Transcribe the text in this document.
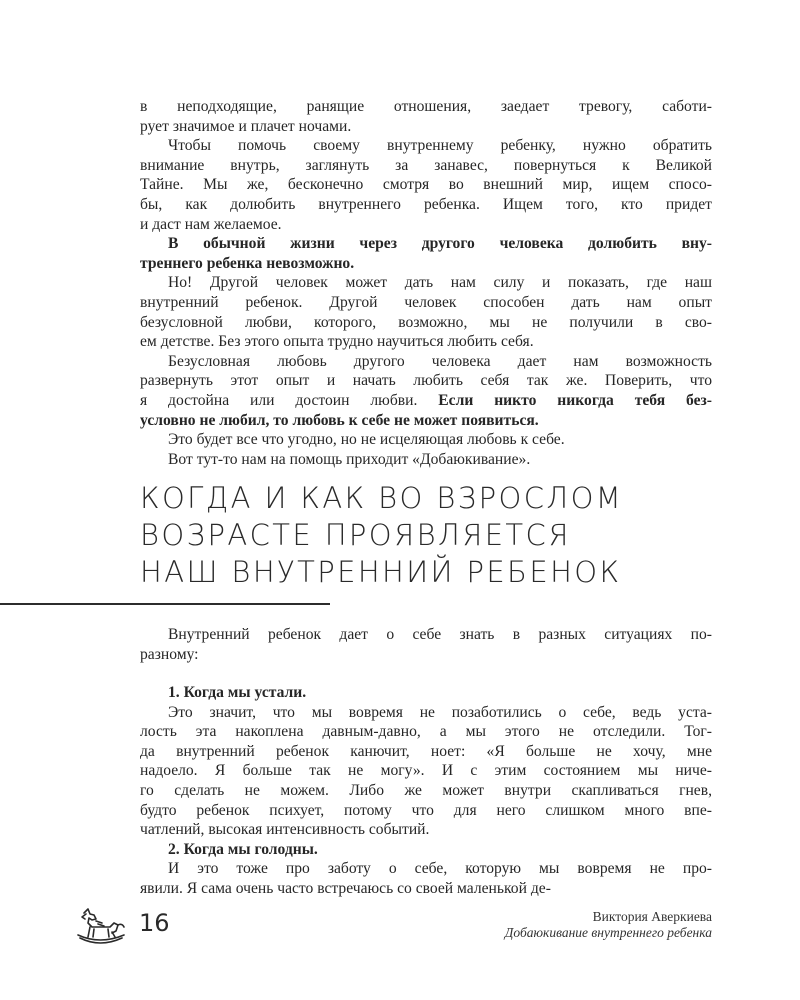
в неподходящие, ранящие отношения, заедает тревогу, саботи-
рует значимое и плачет ночами.

Чтобы помочь своему внутреннему ребенку, нужно обратить
внимание внутрь, заглянуть за занавес, повернуться к Великой
Тайне. Мы же, бесконечно смотря во внешний мир, ищем спосо-
бы, как долюбить внутреннего ребенка. Ищем того, кто придет
и даст нам желаемое.

В обычной жизни через другого человека долюбить вну-
треннего ребенка невозможно.

Но! Другой человек может дать нам силу и показать, где наш
внутренний ребенок. Другой человек способен дать нам опыт
безусловной любви, которого, возможно, мы не получили в сво-
ем детстве. Без этого опыта трудно научиться любить себя.

Безусловная любовь другого человека дает нам возможность
развернуть этот опыт и начать любить себя так же. Поверить, что
я достойна или достоин любви. Если никто никогда тебя без-
условно не любил, то любовь к себе не может появиться.

Это будет все что угодно, но не исцеляющая любовь к себе.

Вот тут-то нам на помощь приходит «Добаюкивание».

КОГДА И КАК ВО ВЗРОСЛОМ
ВОЗРАСТЕ ПРОЯВЛЯЕТСЯ
НАШ ВНУТРЕННИЙ РЕБЕНОК

Внутренний ребенок дает о себе знать в разных ситуациях по-
разному:

1. Когда мы устали.

Это значит, что мы вовремя не позаботились о себе, ведь уста-
лость эта накоплена давным-давно, а мы этого не отследили. Тог-
да внутренний ребенок канючит, ноет: «Я больше не хочу, мне
надоело. Я больше так не могу». И с этим состоянием мы ниче-
го сделать не можем. Либо же может внутри скапливаться гнев,
будто ребенок психует, потому что для него слишком много впе-
чатлений, высокая интенсивность событий.

2. Когда мы голодны.

И это тоже про заботу о себе, которую мы вовремя не про-
явили. Я сама очень часто встречаюсь со своей маленькой де-

16	Виктория Аверкиева
Добаюкивание внутреннего ребенка
